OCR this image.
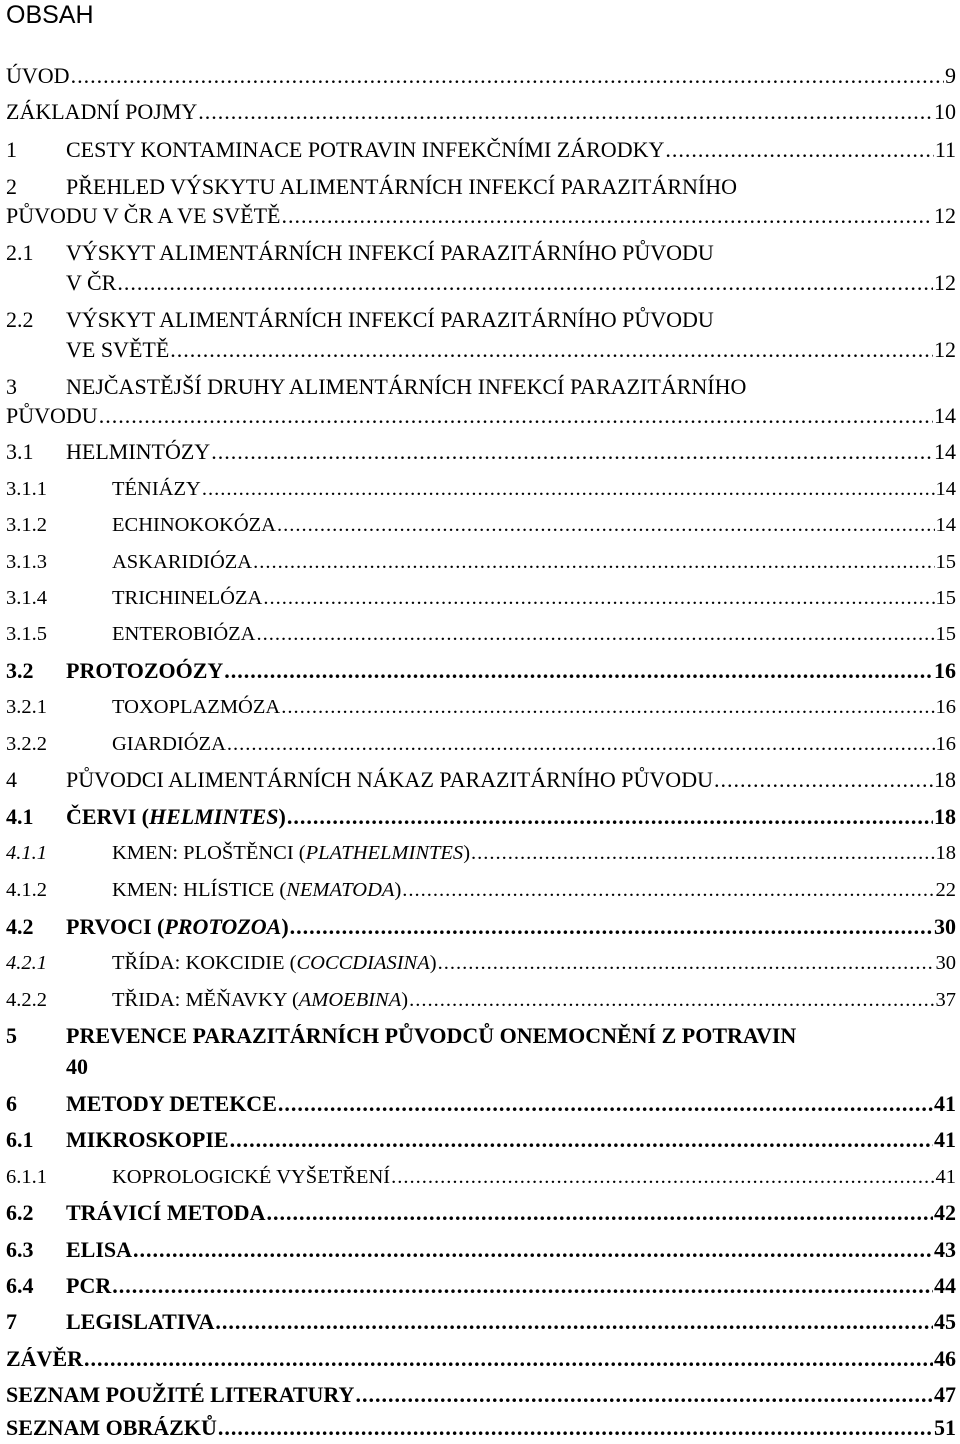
OBSAH
ÚVOD .....	9
ZÁKLADNÍ POJMY .....	10
1	CESTY KONTAMINACE POTRAVIN INFEKČNÍMI ZÁRODKY .....	11
2 PŘEHLED VÝSKYTU ALIMENTÁRNÍCH INFEKCÍ PARAZITÁRNÍHO
PŮVODU V ČR A VE SVĚTĚ .....	12
2.1 VÝSKYT ALIMENTÁRNÍCH INFEKCÍ PARAZITÁRNÍHO PŮVODU
V ČR .....	12
2.2 VÝSKYT ALIMENTÁRNÍCH INFEKCÍ PARAZITÁRNÍHO PŮVODU
VE SVĚTĚ .....	12
3 NEJČASTĚJŠÍ DRUHY ALIMENTÁRNÍCH INFEKCÍ PARAZITÁRNÍHO
PŮVODU .....	14
3.1	HELMINTÓZY .....	14
3.1.1	TÉNIÁZY .....	14
3.1.2	ECHINOKOKÓZA .....	14
3.1.3	ASKARIDIÓZA .....	15
3.1.4	TRICHINELÓZA .....	15
3.1.5	ENTEROBIÓZA .....	15
3.2	PROTOZOÓZY .....	16
3.2.1	TOXOPLAZMÓZA .....	16
3.2.2	GIARDIÓZA .....	16
4	PŮVODCI ALIMENTÁRNÍCH NÁKAZ PARAZITÁRNÍHO PŮVODU .....	18
4.1	ČERVI (HELMINTES) .....	18
4.1.1	KMEN: PLOŠTĚNCI (PLATHELMINTES) .....	18
4.1.2	KMEN: HLÍSTICE (NEMATODA) .....	22
4.2	PRVOCI (PROTOZOA) .....	30
4.2.1	TŘÍDA: KOKCIDIE (COCCDIASINA) .....	30
4.2.2	TŘIDA: MĚŇAVKY (AMOEBINA) .....	37
5 PREVENCE PARAZITÁRNÍCH PŮVODCŮ ONEMOCNĚNÍ Z POTRAVIN
40
6	METODY DETEKCE .....	41
6.1	MIKROSKOPIE .....	41
6.1.1	KOPROLOGICKÉ VYŠETŘENÍ .....	41
6.2	TRÁVICÍ METODA .....	42
6.3	ELISA .....	43
6.4	PCR .....	44
7	LEGISLATIVA .....	45
ZÁVĚR .....	46
SEZNAM POUŽITÉ LITERATURY .....	47
SEZNAM OBRÁZKŮ .....	51
